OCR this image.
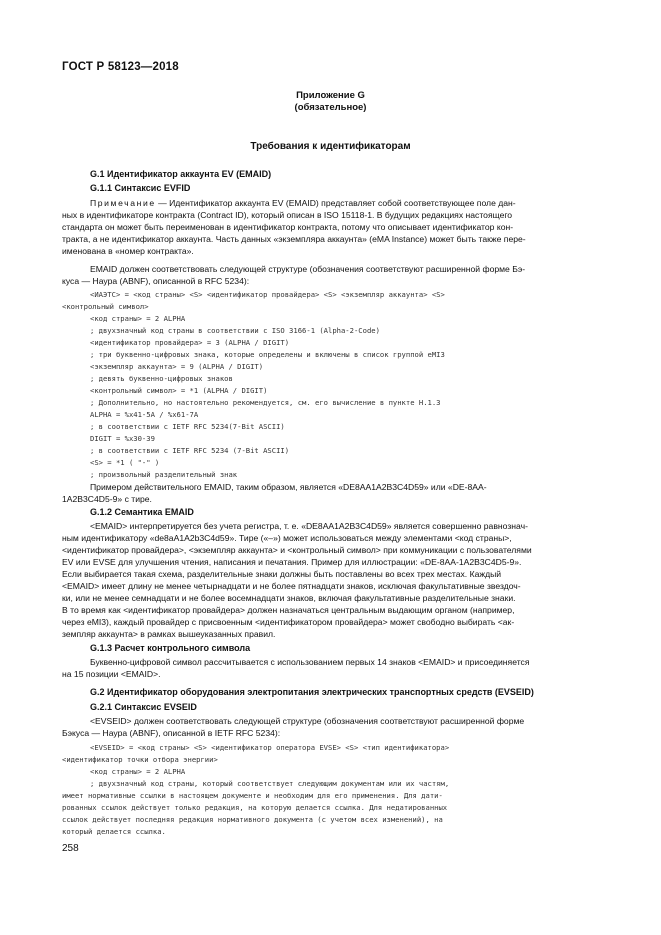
ГОСТ Р 58123—2018
Приложение G
(обязательное)
Требования к идентификаторам
G.1 Идентификатор аккаунта EV (EMAID)
G.1.1 Синтаксис EVFID
Примечание — Идентификатор аккаунта EV (EMAID) представляет собой соответствующее поле дан-
ных в идентификаторе контракта (Contract ID), который описан в ISO 15118-1. В будущих редакциях настоящего
стандарта он может быть переименован в идентификатор контракта, потому что описывает идентификатор кон-
тракта, а не идентификатор аккаунта. Часть данных «экземпляра аккаунта» (eMA Instance) может быть также пере-
именована в «номер контракта».
EMAID должен соответствовать следующей структуре (обозначения соответствуют расширенной форме Бэ-
куса — Наура (ABNF), описанной в RFC 5234):
<ИАЭТС> = <код страны> <S> <идентификатор провайдера> <S> <экземпляр аккаунта> <S>
<контрольный символ>
<код страны> = 2 ALPHA
; двухзначный код страны в соответствии с ISO 3166-1 (Alpha-2-Code)
<идентификатор провайдера> = 3 (ALPHA / DIGIT)
; три буквенно-цифровых знака, которые определены и включены в список группой eMI3
<экземпляр аккаунта> = 9 (ALPHA / DIGIT)
; девять буквенно-цифровых знаков
<контрольный символ> = *1 (ALPHA / DIGIT)
; Дополнительно, но настоятельно рекомендуется, см. его вычисление в пункте H.1.3
ALPHA = %x41-5A / %x61-7A
; в соответствии с IETF RFC 5234(7-Bit ASCII)
DIGIT = %x30-39
; в соответствии с IETF RFC 5234 (7-Bit ASCII)
<S> = *1 ( "-" )
; произвольный разделительный знак
Примером действительного EMAID, таким образом, является «DE8AA1A2B3C4D59» или «DE-8AA-
1A2B3C4D5-9» с тире.
G.1.2 Семантика EMAID
<EMAID> интерпретируется без учета регистра, т. е. «DE8AA1A2B3C4D59» является совершенно равнознач-
ным идентификатору «de8aA1A2b3C4d59». Тире («–») может использоваться между элементами <код страны>,
<идентификатор провайдера>, <экземпляр аккаунта> и <контрольный символ> при коммуникации с пользователями
EV или EVSE для улучшения чтения, написания и печатания. Пример для иллюстрации: «DE-8AA-1A2B3C4D5-9».
Если выбирается такая схема, разделительные знаки должны быть поставлены во всех трех местах. Каждый
<EMAID> имеет длину не менее четырнадцати и не более пятнадцати знаков, исключая факультативные звездоч-
ки, или не менее семнадцати и не более восемнадцати знаков, включая факультативные разделительные знаки.
В то время как <идентификатор провайдера> должен назначаться центральным выдающим органом (например,
через eMI3), каждый провайдер с присвоенным <идентификатором провайдера> может свободно выбирать <ак-
земпляр аккаунта> в рамках вышеуказанных правил.
G.1.3 Расчет контрольного символа
Буквенно-цифровой символ рассчитывается с использованием первых 14 знаков <EMAID> и присоединяется
на 15 позиции <EMAID>.
G.2 Идентификатор оборудования электропитания электрических транспортных средств (EVSEID)
G.2.1 Синтаксис EVSEID
<EVSEID> должен соответствовать следующей структуре (обозначения соответствуют расширенной форме
Бэкуса — Наура (ABNF), описанной в IETF RFC 5234):
<EVSEID> = <код страны> <S> <идентификатор оператора EVSE> <S> <тип идентификатора>
<идентификатор точки отбора энергии>
<код страны> = 2 ALPHA
; двухзначный код страны, который соответствует следующим документам или их частям,
имеет нормативные ссылки в настоящем документе и необходим для его применения. Для дати-
рованных ссылок действует только редакция, на которую делается ссылка. Для недатированных
ссылок действует последняя редакция нормативного документа (с учетом всех изменений), на
который делается ссылка.
258
